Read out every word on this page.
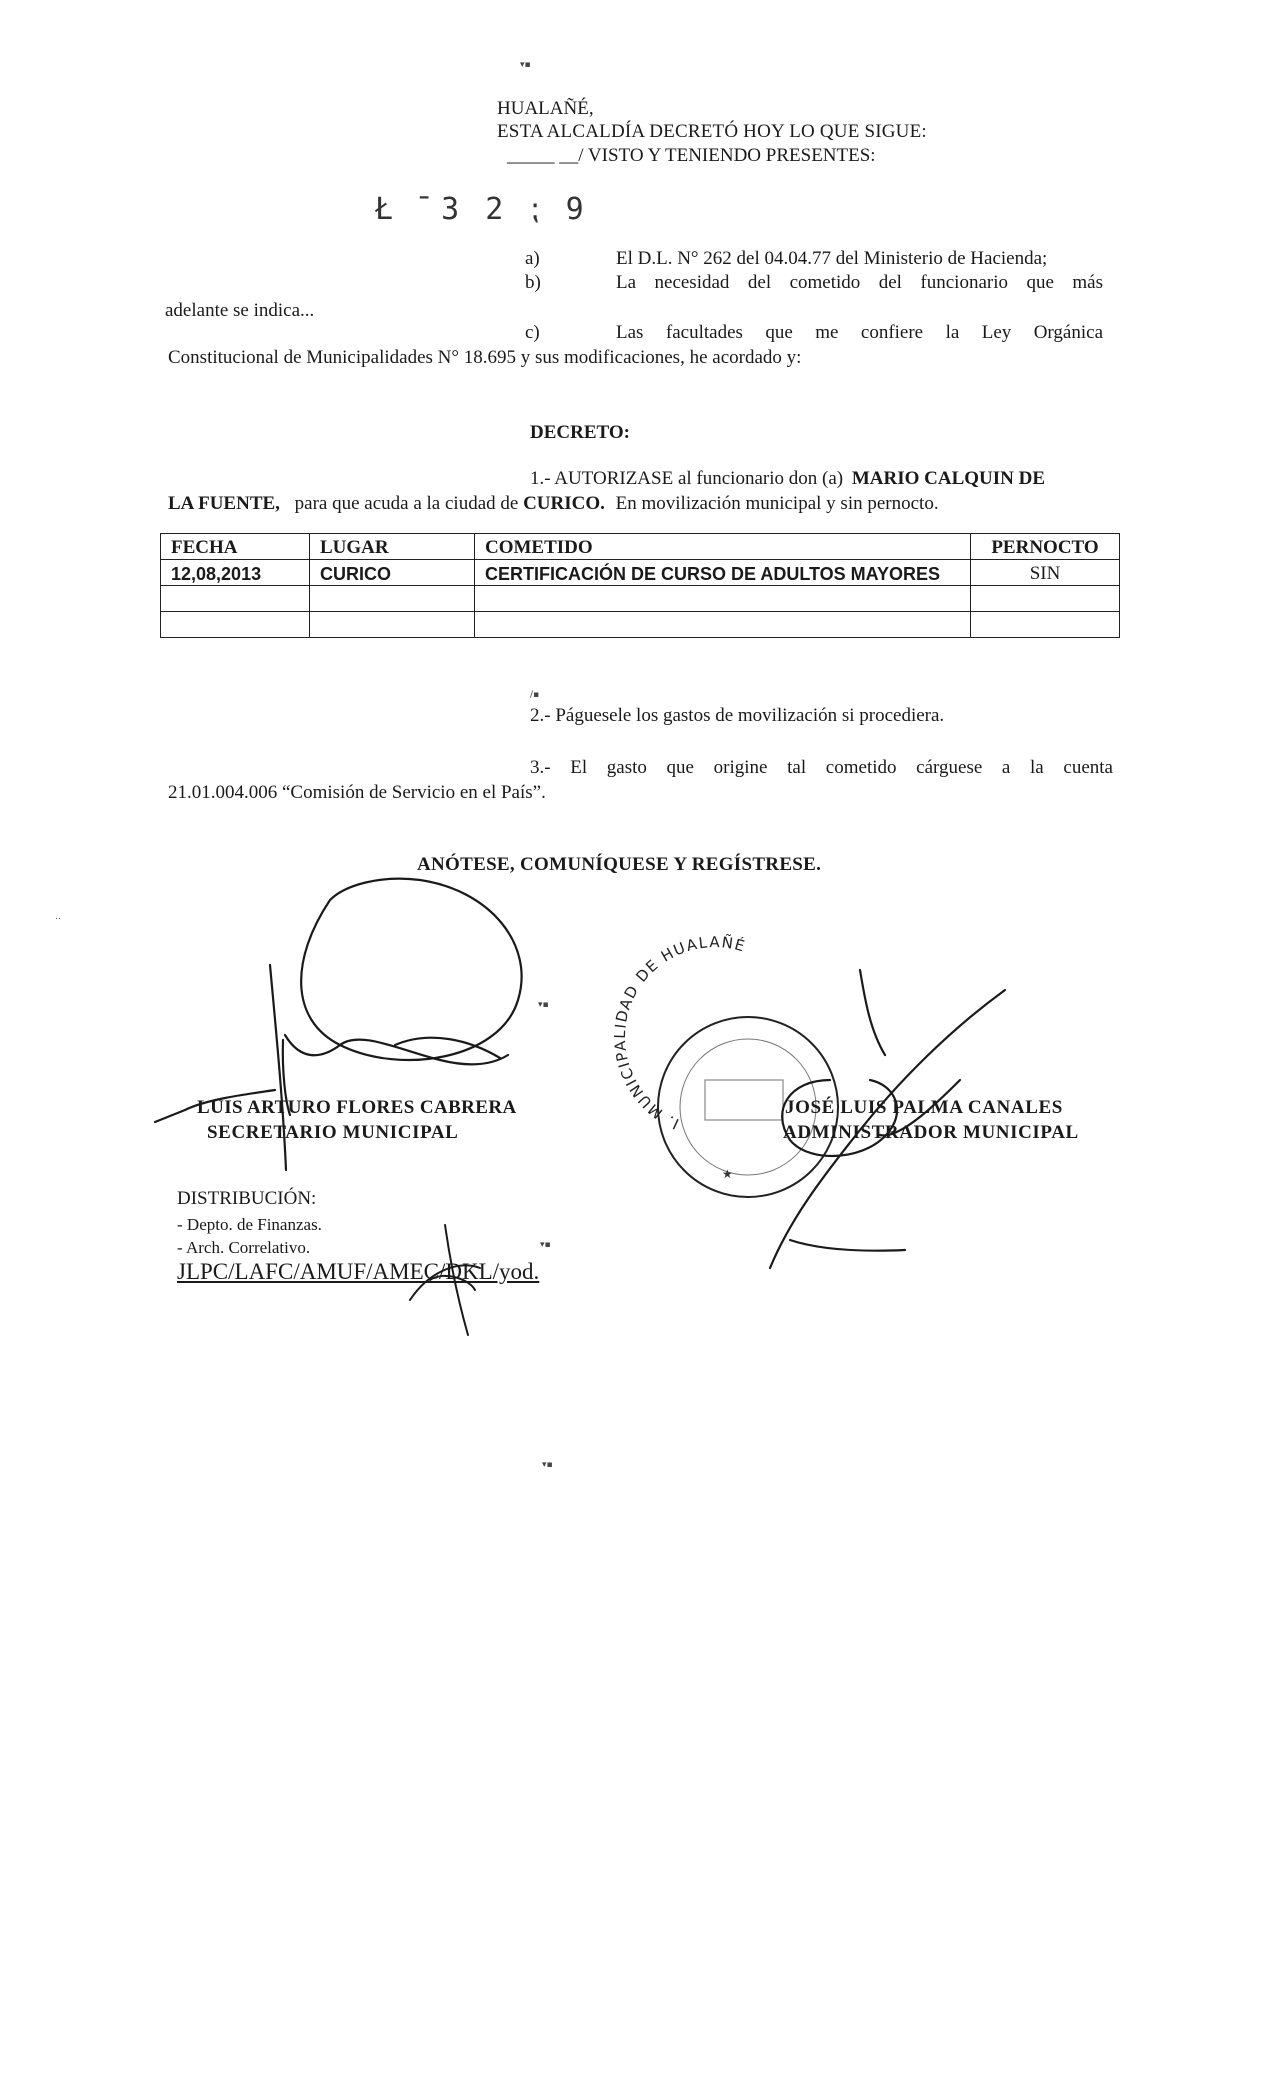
▾▪
/▪
▾▪
▾▪
▾▪
..
HUALAÑÉ,
ESTA ALCALDÍA DECRETÓ HOY LO QUE SIGUE:
_____ __/ VISTO Y TENIENDO PRESENTES:
Ł ̄ 3 2 ⁏ 9
a)	El D.L. N° 262 del 04.04.77 del Ministerio de Hacienda;
b)	La necesidad del cometido del funcionario que más
adelante se indica...
c)	Las facultades que me confiere la Ley Orgánica
Constitucional de Municipalidades N° 18.695 y sus modificaciones, he acordado y:
DECRETO:
1.- AUTORIZASE al funcionario don (a) MARIO CALQUIN DE
LA FUENTE, para que acuda a la ciudad de CURICO. En movilización municipal y sin pernocto.
FECHA	LUGAR	COMETIDO	PERNOCTO
12,08,2013	CURICO	CERTIFICACIÓN DE CURSO DE ADULTOS MAYORES	SIN

2.- Páguesele los gastos de movilización si procediera.
3.- El gasto que origine tal cometido cárguese a la cuenta
21.01.004.006 “Comisión de Servicio en el País”.
ANÓTESE, COMUNÍQUESE Y REGÍSTRESE.
LUIS ARTURO FLORES CABRERA
SECRETARIO MUNICIPAL	I. MUNICIPALIDAD DE HUALAÑÉ
★
JOSÉ LUIS PALMA CANALES
ADMINISTRADOR MUNICIPAL
DISTRIBUCIÓN:
- Depto. de Finanzas.
- Arch. Correlativo.
JLPC/LAFC/AMUF/AMEC/DKL/yod.
